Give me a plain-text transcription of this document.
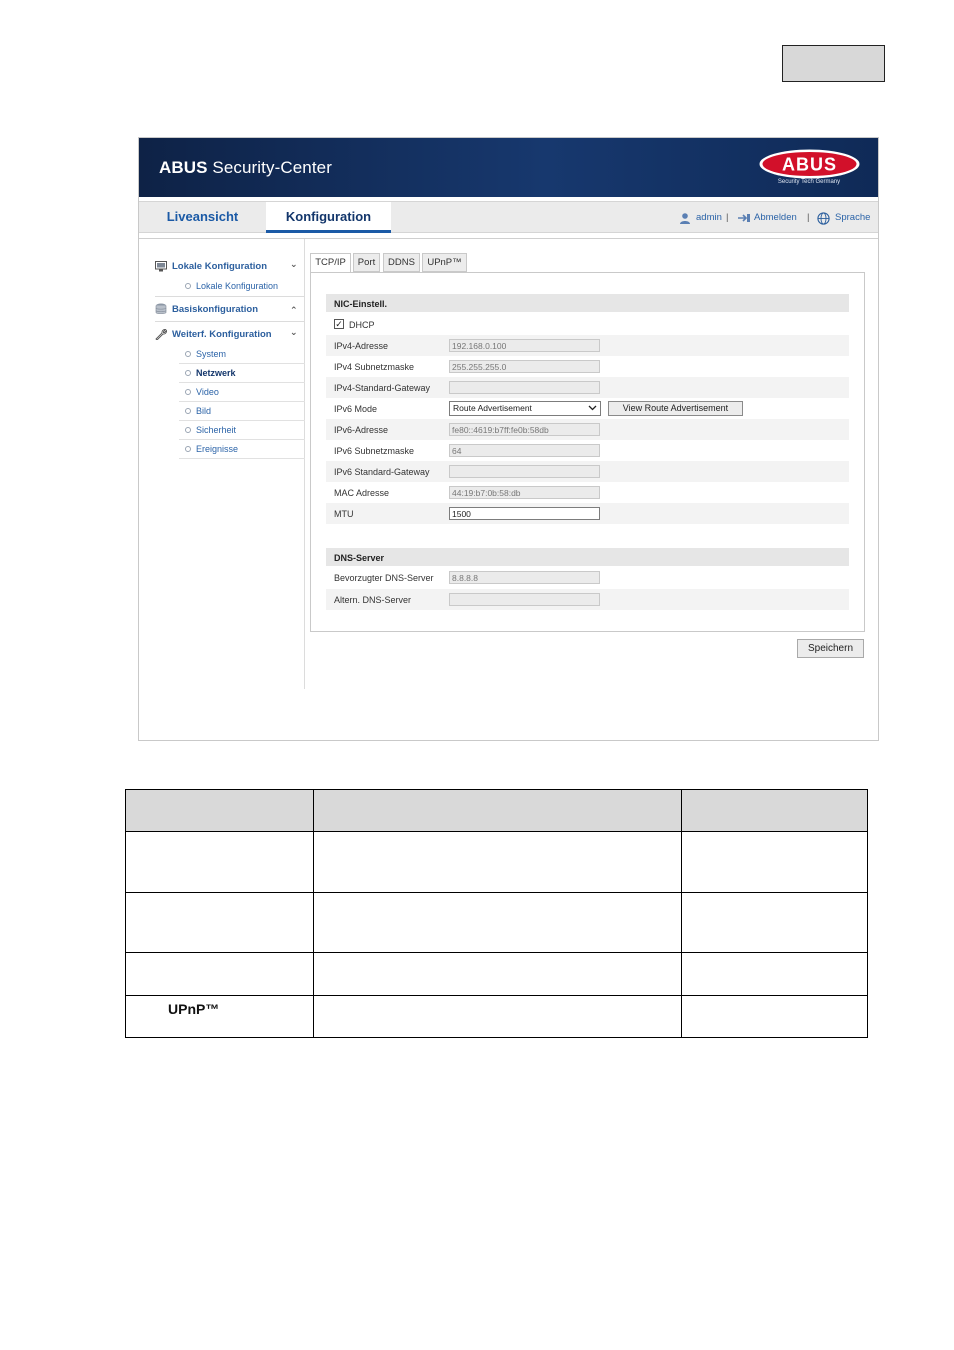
ABUS Security-Center	ABUS
Security Tech Germany
Liveansicht	Konfiguration	admin |	Abmelden |	Sprache
Lokale Konfiguration	⌄
Lokale Konfiguration
Basiskonfiguration	⌃
Weiterf. Konfiguration ⌄
System
Netzwerk
Video
Bild
Sicherheit
Ereignisse
TCP/IP	Port	DDNS	UPnP™
NIC-Einstell.
✓ DHCP
IPv4-Adresse	192.168.0.100
IPv4 Subnetzmaske	255.255.255.0
IPv4-Standard-Gateway
IPv6 Mode	Route Advertisement	View Route Advertisement
IPv6-Adresse	fe80::4619:b7ff:fe0b:58db
IPv6 Subnetzmaske	64
IPv6 Standard-Gateway
MAC Adresse	44:19:b7:0b:58:db
MTU	1500
DNS-Server
Bevorzugter DNS-Server	8.8.8.8
Altern. DNS-Server
Speichern
UPnP™
